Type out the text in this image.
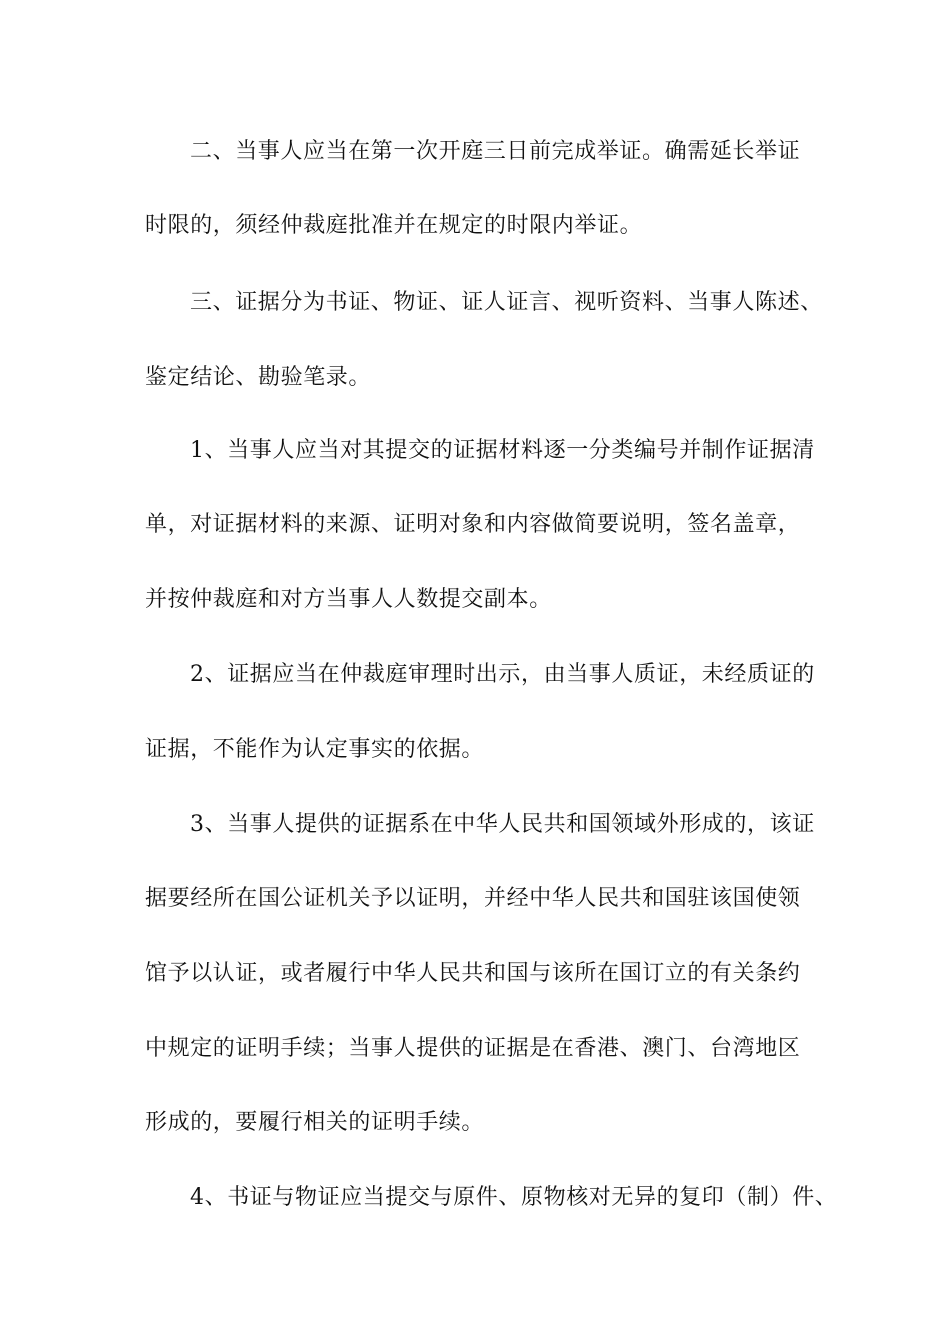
二、当事人应当在第一次开庭三日前完成举证。确需延长举证
时限的，须经仲裁庭批准并在规定的时限内举证。
三、证据分为书证、物证、证人证言、视听资料、当事人陈述、
鉴定结论、勘验笔录。
1、当事人应当对其提交的证据材料逐一分类编号并制作证据清
单，对证据材料的来源、证明对象和内容做简要说明，签名盖章，
并按仲裁庭和对方当事人人数提交副本。
2、证据应当在仲裁庭审理时出示，由当事人质证，未经质证的
证据，不能作为认定事实的依据。
3、当事人提供的证据系在中华人民共和国领域外形成的，该证
据要经所在国公证机关予以证明，并经中华人民共和国驻该国使领
馆予以认证，或者履行中华人民共和国与该所在国订立的有关条约
中规定的证明手续；当事人提供的证据是在香港、澳门、台湾地区
形成的，要履行相关的证明手续。
4、书证与物证应当提交与原件、原物核对无异的复印（制）件、
